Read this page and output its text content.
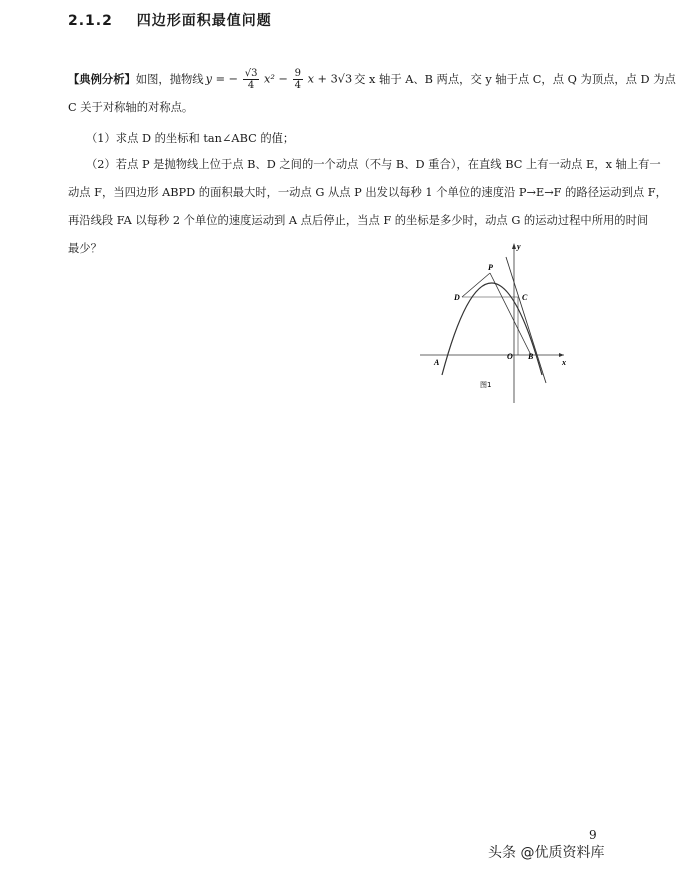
2.1.2 四边形面积最值问题
【典例分析】 如图，抛物线 y = − $\frac{√3}{4} x^2 - \frac{9}{4}$ x + 3√3 交 x 轴于 A、B 两点，交 y 轴于点 C，点 Q 为顶点，点 D 为点
C 关于对称轴的对称点。
（1）求点 D 的坐标和 tan∠ABC 的值；
（2）若点 P 是抛物线上位于点 B、D 之间的一个动点（不与 B、D 重合），在直线 BC 上有一动点 E，x 轴上有一
动点 F，当四边形 ABPD 的面积最大时，一动点 G 从点 P 出发以每秒 1 个单位的速度沿 P→E→F 的路径运动到点 F，
再沿线段 FA 以每秒 2 个单位的速度运动到 A 点后停止，当点 F 的坐标是多少时，动点 G 的运动过程中所用的时间
最少？	y
x
P
D	C
A
O B
图1
9
头条 @优质资料库
